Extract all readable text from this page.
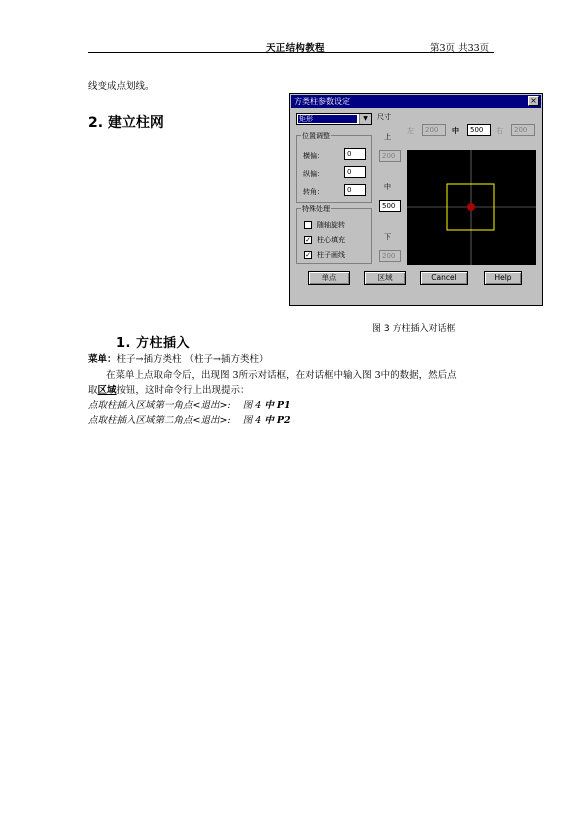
天正结构教程	第3页 共33页
线变成点划线。
2. 建立柱网
方类柱参数设定	×
矩形	▼	尺寸
左	200	中	500	右	200
上
200
中
500
下
200
位置调整
横偏：	0
纵偏：	0
转角：	0
特殊处理
随轴旋转
✓ 柱心填充
✓ 柱子画线
单点	区域	Cancel	Help
图 3 方柱插入对话框
1. 方柱插入
菜单：柱子→插方类柱 （柱子→插方类柱）
在菜单上点取命令后，出现图 3所示对话框，在对话框中输入图 3中的数据，然后点
取区域按钮，这时命令行上出现提示：
点取柱插入区域第一角点<退出>: 图 4 中 P1
点取柱插入区域第二角点<退出>: 图 4 中 P2
